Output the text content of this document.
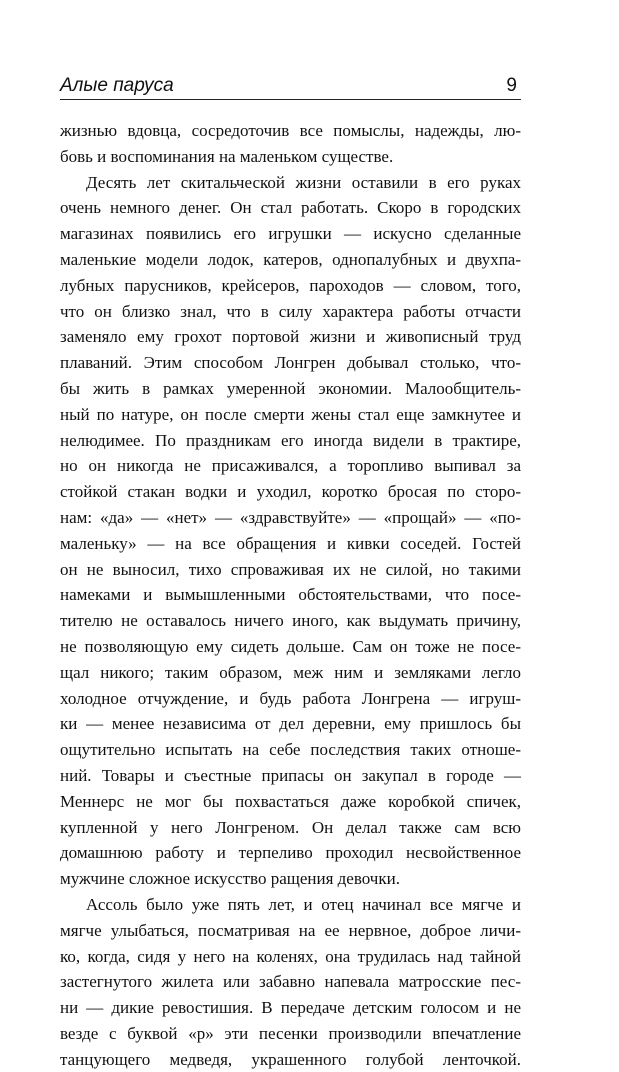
Алые паруса	9
жизнью вдовца, сосредоточив все помыслы, надежды, лю-
бовь и воспоминания на маленьком существе.
Десять лет скитальческой жизни оставили в его руках
очень немного денег. Он стал работать. Скоро в городских
магазинах появились его игрушки — искусно сделанные
маленькие модели лодок, катеров, однопалубных и двухпа-
лубных парусников, крейсеров, пароходов — словом, того,
что он близко знал, что в силу характера работы отчасти
заменяло ему грохот портовой жизни и живописный труд
плаваний. Этим способом Лонгрен добывал столько, что-
бы жить в рамках умеренной экономии. Малообщитель-
ный по натуре, он после смерти жены стал еще замкнутее и
нелюдимее. По праздникам его иногда видели в трактире,
но он никогда не присаживался, а торопливо выпивал за
стойкой стакан водки и уходил, коротко бросая по сторо-
нам: «да» — «нет» — «здравствуйте» — «прощай» — «по-
маленьку» — на все обращения и кивки соседей. Гостей
он не выносил, тихо спроваживая их не силой, но такими
намеками и вымышленными обстоятельствами, что посе-
тителю не оставалось ничего иного, как выдумать причину,
не позволяющую ему сидеть дольше. Сам он тоже не посе-
щал никого; таким образом, меж ним и земляками легло
холодное отчуждение, и будь работа Лонгрена — игруш-
ки — менее независима от дел деревни, ему пришлось бы
ощутительно испытать на себе последствия таких отноше-
ний. Товары и съестные припасы он закупал в городе —
Меннерс не мог бы похвастаться даже коробкой спичек,
купленной у него Лонгреном. Он делал также сам всю
домашнюю работу и терпеливо проходил несвойственное
мужчине сложное искусство ращения девочки.
Ассоль было уже пять лет, и отец начинал все мягче и
мягче улыбаться, посматривая на ее нервное, доброе личи-
ко, когда, сидя у него на коленях, она трудилась над тайной
застегнутого жилета или забавно напевала матросские пес-
ни — дикие ревостишия. В передаче детским голосом и не
везде с буквой «р» эти песенки производили впечатление
танцующего медведя, украшенного голубой ленточкой.
